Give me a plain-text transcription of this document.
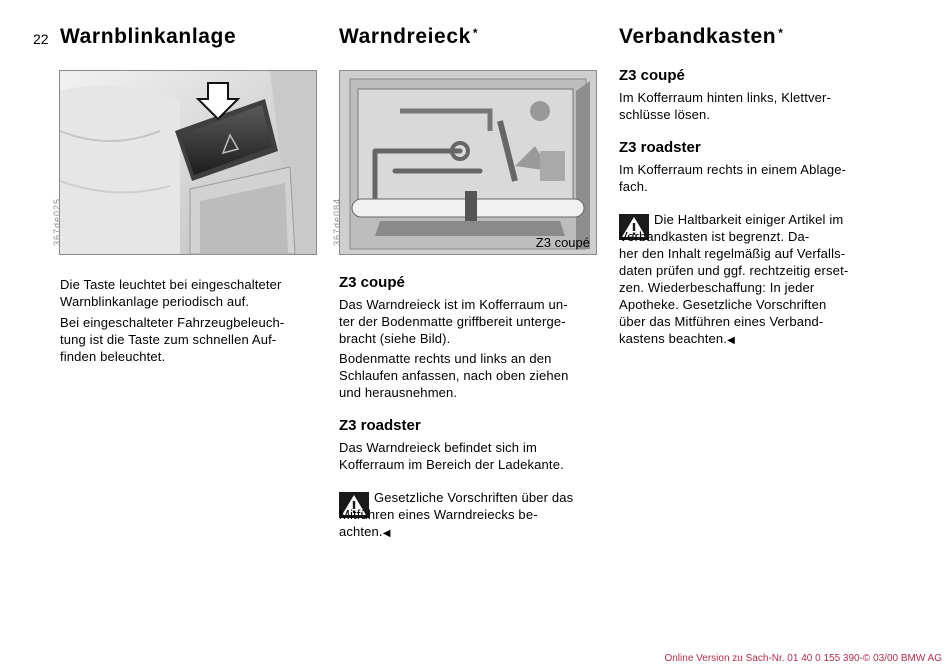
22 Warnblinkanlage
367de025
Die Taste leuchtet bei eingeschalteter
Warnblinkanlage periodisch auf.
Bei eingeschalteter Fahrzeugbeleuch-
tung ist die Taste zum schnellen Auf-
finden beleuchtet.
Warndreieck *
367de084	Z3 coupé
Z3 coupé
Das Warndreieck ist im Kofferraum un-
ter der Bodenmatte griffbereit unterge-
bracht (siehe Bild).
Bodenmatte rechts und links an den
Schlaufen anfassen, nach oben ziehen
und herausnehmen.
Z3 roadster
Das Warndreieck befindet sich im
Kofferraum im Bereich der Ladekante.
Gesetzliche Vorschriften über das
Mitführen eines Warndreiecks be-
achten.◀
Verbandkasten *
Z3 coupé
Im Kofferraum hinten links, Klettver-
schlüsse lösen.
Z3 roadster
Im Kofferraum rechts in einem Ablage-
fach.
Die Haltbarkeit einiger Artikel im
Verbandkasten ist begrenzt. Da-
her den Inhalt regelmäßig auf Verfalls-
daten prüfen und ggf. rechtzeitig erset-
zen. Wiederbeschaffung: In jeder
Apotheke. Gesetzliche Vorschriften
über das Mitführen eines Verband-
kastens beachten.◀
Online Version zu Sach-Nr. 01 40 0 155 390-© 03/00 BMW AG
